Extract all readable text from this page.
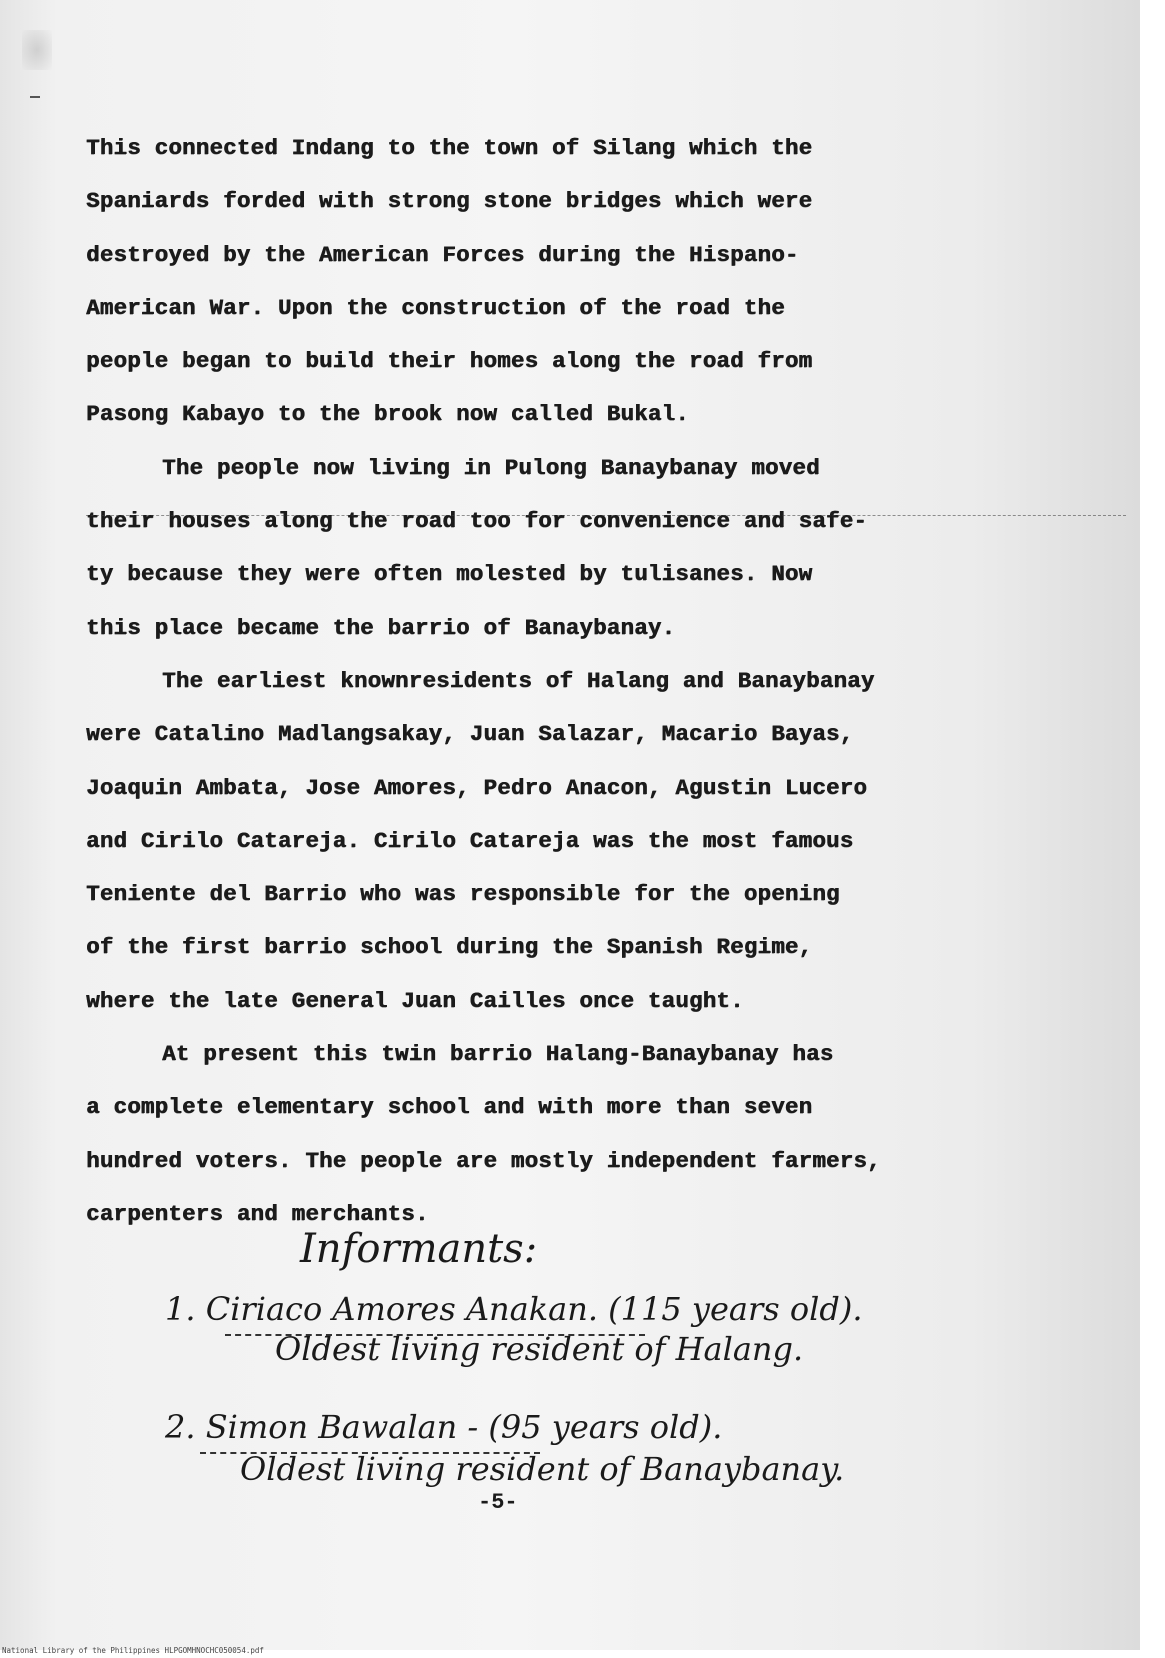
This connected Indang to the town of Silang which the
Spaniards forded with strong stone bridges which were
destroyed by the American Forces during the Hispano-
American War. Upon the construction of the road the
people began to build their homes along the road from
Pasong Kabayo to the brook now called Bukal.
The people now living in Pulong Banaybanay moved
their houses along the road too for convenience and safe-
ty because they were often molested by tulisanes. Now
this place became the barrio of Banaybanay.
The earliest knownresidents of Halang and Banaybanay
were Catalino Madlangsakay, Juan Salazar, Macario Bayas,
Joaquin Ambata, Jose Amores, Pedro Anacon, Agustin Lucero
and Cirilo Catareja. Cirilo Catareja was the most famous
Teniente del Barrio who was responsible for the opening
of the first barrio school during the Spanish Regime,
where the late General Juan Cailles once taught.
At present this twin barrio Halang-Banaybanay has
a complete elementary school and with more than seven
hundred voters. The people are mostly independent farmers,
carpenters and merchants.

Informants:

1. Ciriaco Amores Anakan. (115 years old).

Oldest living resident of Halang.

2. Simon Bawalan - (95 years old).

Oldest living resident of Banaybanay.

-5-
National Library of the Philippines HLPGOMHNOCHC050054.pdf
